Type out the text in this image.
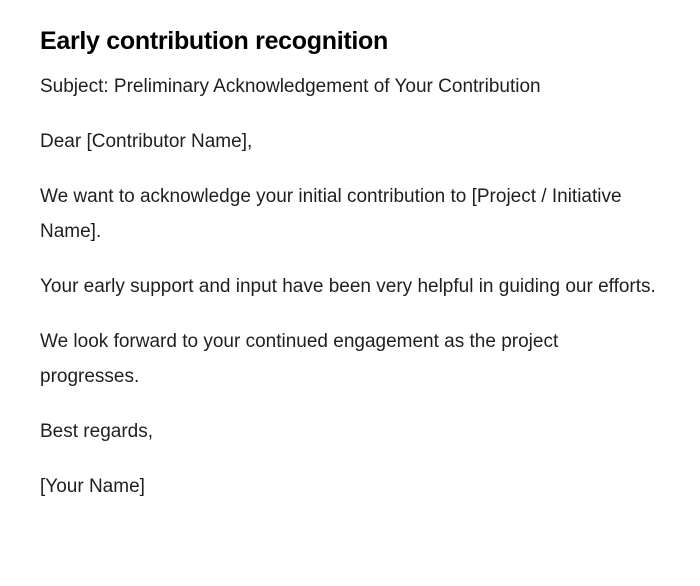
Early contribution recognition

Subject: Preliminary Acknowledgement of Your Contribution

Dear [Contributor Name],

We want to acknowledge your initial contribution to [Project / Initiative Name].

Your early support and input have been very helpful in guiding our efforts.

We look forward to your continued engagement as the project progresses.

Best regards,

[Your Name]
